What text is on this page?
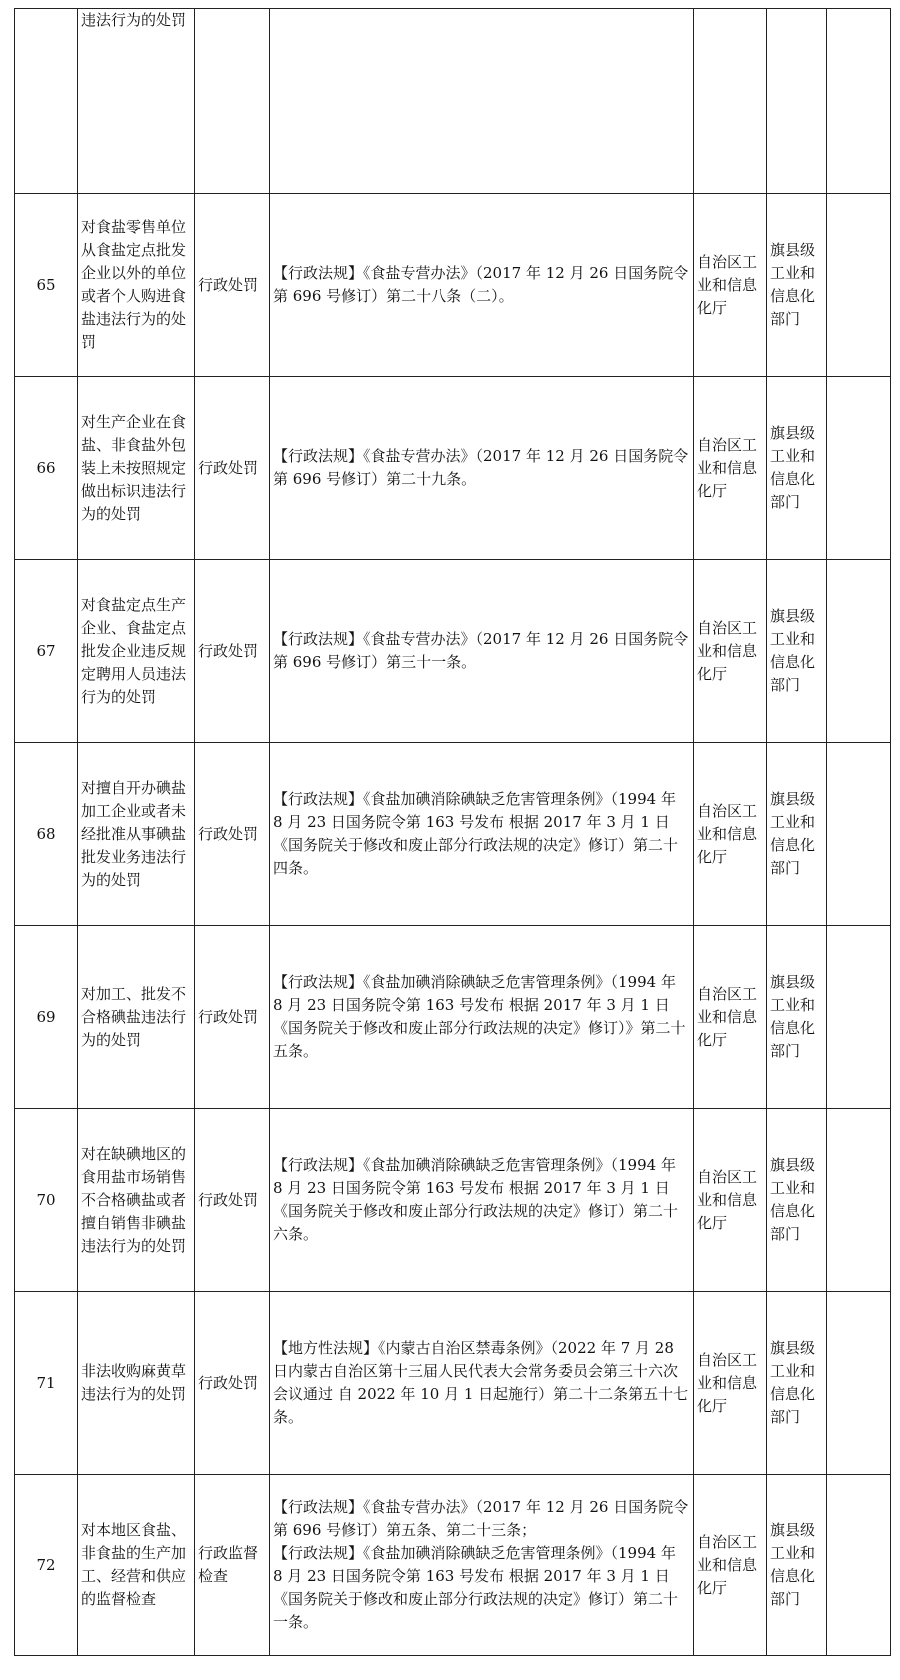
	违法行为的处罚		

65	对食盐零售单位从食盐定点批发企业以外的单位或者个人购进食盐违法行为的处罚	行政处罚	【行政法规】《食盐专营办法》（2017 年 12 月 26 日国务院令第 696 号修订）第二十八条（二）。	自治区工业和信息化厅	旗县级工业和信息化部门	
66	对生产企业在食盐、非食盐外包装上未按照规定做出标识违法行为的处罚	行政处罚	【行政法规】《食盐专营办法》（2017 年 12 月 26 日国务院令第 696 号修订）第二十九条。	自治区工业和信息化厅	旗县级工业和信息化部门	
67	对食盐定点生产企业、食盐定点批发企业违反规定聘用人员违法行为的处罚	行政处罚	【行政法规】《食盐专营办法》（2017 年 12 月 26 日国务院令第 696 号修订）第三十一条。	自治区工业和信息化厅	旗县级工业和信息化部门	
68	对擅自开办碘盐加工企业或者未经批准从事碘盐批发业务违法行为的处罚	行政处罚	【行政法规】《食盐加碘消除碘缺乏危害管理条例》（1994 年 8 月 23 日国务院令第 163 号发布 根据 2017 年 3 月 1 日《国务院关于修改和废止部分行政法规的决定》修订）第二十四条。	自治区工业和信息化厅	旗县级工业和信息化部门	
69	对加工、批发不合格碘盐违法行为的处罚	行政处罚	【行政法规】《食盐加碘消除碘缺乏危害管理条例》（1994 年 8 月 23 日国务院令第 163 号发布 根据 2017 年 3 月 1 日《国务院关于修改和废止部分行政法规的决定》修订）》第二十五条。	自治区工业和信息化厅	旗县级工业和信息化部门	
70	对在缺碘地区的食用盐市场销售不合格碘盐或者擅自销售非碘盐违法行为的处罚	行政处罚	【行政法规】《食盐加碘消除碘缺乏危害管理条例》（1994 年 8 月 23 日国务院令第 163 号发布 根据 2017 年 3 月 1 日《国务院关于修改和废止部分行政法规的决定》修订）第二十六条。	自治区工业和信息化厅	旗县级工业和信息化部门	
71	非法收购麻黄草违法行为的处罚	行政处罚	【地方性法规】《内蒙古自治区禁毒条例》（2022 年 7 月 28 日内蒙古自治区第十三届人民代表大会常务委员会第三十六次会议通过 自 2022 年 10 月 1 日起施行）第二十二条第五十七条。	自治区工业和信息化厅	旗县级工业和信息化部门	
72	对本地区食盐、非食盐的生产加工、经营和供应的监督检查	行政监督检查	【行政法规】《食盐专营办法》（2017 年 12 月 26 日国务院令第 696 号修订）第五条、第二十三条；
【行政法规】《食盐加碘消除碘缺乏危害管理条例》（1994 年 8 月 23 日国务院令第 163 号发布 根据 2017 年 3 月 1 日《国务院关于修改和废止部分行政法规的决定》修订）第二十一条。	自治区工业和信息化厅	旗县级工业和信息化部门	
